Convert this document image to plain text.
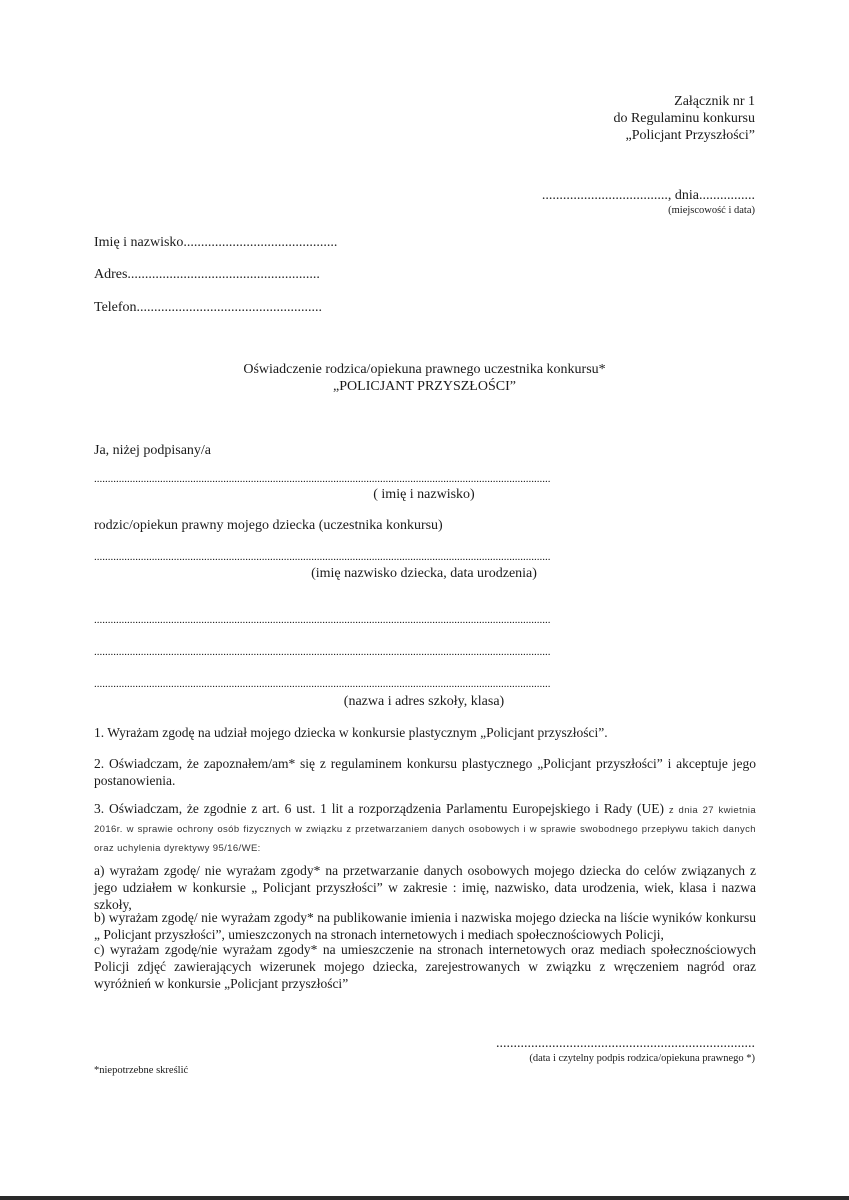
Załącznik nr 1
do Regulaminu konkursu
„Policjant Przyszłości”
...................................., dnia................
(miejscowość i data)
Imię i nazwisko............................................
Adres.......................................................
Telefon.....................................................
Oświadczenie rodzica/opiekuna prawnego uczestnika konkursu*
„POLICJANT PRZYSZŁOŚCI”
Ja, niżej podpisany/a
......................................................................................................................................................................
( imię i nazwisko)
rodzic/opiekun prawny mojego dziecka (uczestnika konkursu)
......................................................................................................................................................................
(imię nazwisko dziecka, data urodzenia)
......................................................................................................................................................................
......................................................................................................................................................................
......................................................................................................................................................................
(nazwa i adres szkoły, klasa)
1. Wyrażam zgodę na udział mojego dziecka w konkursie plastycznym „Policjant przyszłości”.
2. Oświadczam, że zapoznałem/am* się z regulaminem konkursu plastycznego „Policjant przyszłości” i akceptuje jego postanowienia.
3. Oświadczam, że zgodnie z art. 6 ust. 1 lit a rozporządzenia Parlamentu Europejskiego i Rady (UE) z dnia 27 kwietnia 2016r. w sprawie ochrony osób fizycznych w związku z przetwarzaniem danych osobowych i w sprawie swobodnego przepływu takich danych oraz uchylenia dyrektywy 95/16/WE:
a) wyrażam zgodę/ nie wyrażam zgody* na przetwarzanie danych osobowych mojego dziecka do celów związanych z jego udziałem w konkursie „ Policjant przyszłości” w zakresie : imię, nazwisko, data urodzenia, wiek, klasa i nazwa szkoły,
b) wyrażam zgodę/ nie wyrażam zgody* na publikowanie imienia i nazwiska mojego dziecka na liście wyników konkursu „ Policjant przyszłości”, umieszczonych na stronach internetowych i mediach społecznościowych Policji,
c) wyrażam zgodę/nie wyrażam zgody* na umieszczenie na stronach internetowych oraz mediach społecznościowych Policji zdjęć zawierających wizerunek mojego dziecka, zarejestrowanych w związku z wręczeniem nagród oraz wyróżnień w konkursie „Policjant przyszłości”
..........................................................................
(data i czytelny podpis rodzica/opiekuna prawnego *)
*niepotrzebne skreślić
